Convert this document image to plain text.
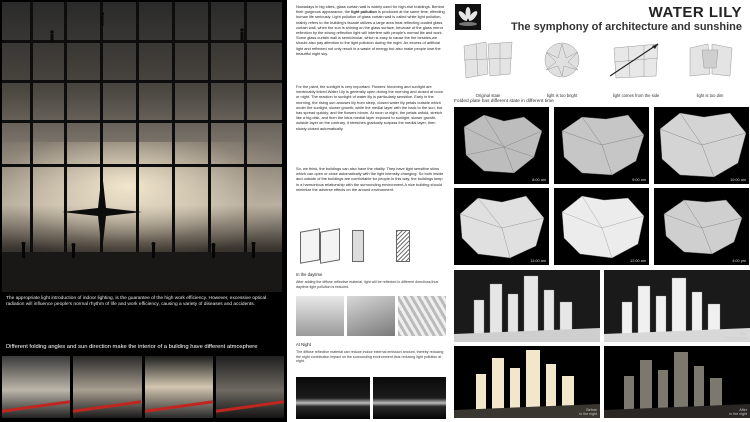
The appropriate light introduction of indoor lighting, is the guarantee of the high work efficiency. However, excessive optical radiation will influence people's normal rhythm of life and work efficiency, causing a variety of diseases and accidents.
Different folding angles and sun direction make the interior of a building have different atmosphere

Nowadays in big cities, glass curtain wall is widely used for high-rise buildings. Behind their gorgeous appearance, the light pollution is produced at the same time, effecting human life seriously. Light pollution of glass curtain wall is called white light pollution, mainly refers to the building's facade utilizes a large area heat reflecting coated glass curtain wall, when the sun is shining on the glass surface, because of the glass mirror reflection by the strong reflection light will interfere with people's normal life and work. Some glass curtain wall is semicircular, which is easy to cause the fire besides,we should also pay attention to the light pollution during the night. An excess of artificial light and reflected not only result in a waste of energy but also make people lose the beautiful night sky.

For the plant, the sunlight is very important. Flowers' blooming and sunlight are inextricably linked.Water Lily is generally open during the morning and closed at noon or night. The reaction to sunlight of water lily is particularly sensitive. Early in the morning, the rising sun arouses lily from sleep, closed water lily petals outside which under the sunlight, slower growth; while the medial layer with the back to the sun, but has spread quickly, and the flowers bloom. At noon or night, the petals unfold, stretch like a big disk, and then the lotus medial layer exposed to sunlight, slower growth, outside layer on the contrary, it stretches gradually surpass the medial layer, then slowly closed automatically.

So, we think, the buildings can also have the vitality. They have light sensitive skins which can open or close automatically with the light intensity changing. So both inside and outside of the buildings are comfortable for people.In this way, the buildings keep in a harmonious relationship with the surrounding environment.A nice building should minimize the adverse effects on the around environment.

In the daytime
After adding the diffuse reflective material, light will be reflected in different directions,thus daytime light pollution is reduced.
At Night
The diffuse reflective material can reduce indoor external emission amount, thereby reducing the night contribution impact on the surrounding environment,thus reducing light pollution at night.
WATER LILY
The symphony of architecture and sunshine
Original state	light is too bright	light comes from the side	light is too dim
Folded plate has different state in different time
8:00 am	9:00 am	10:00 am
11:00 am	12:00 am	4:00 pm
Before
In the daytime
After
In the daytime
Before
In the night
After
In the night
